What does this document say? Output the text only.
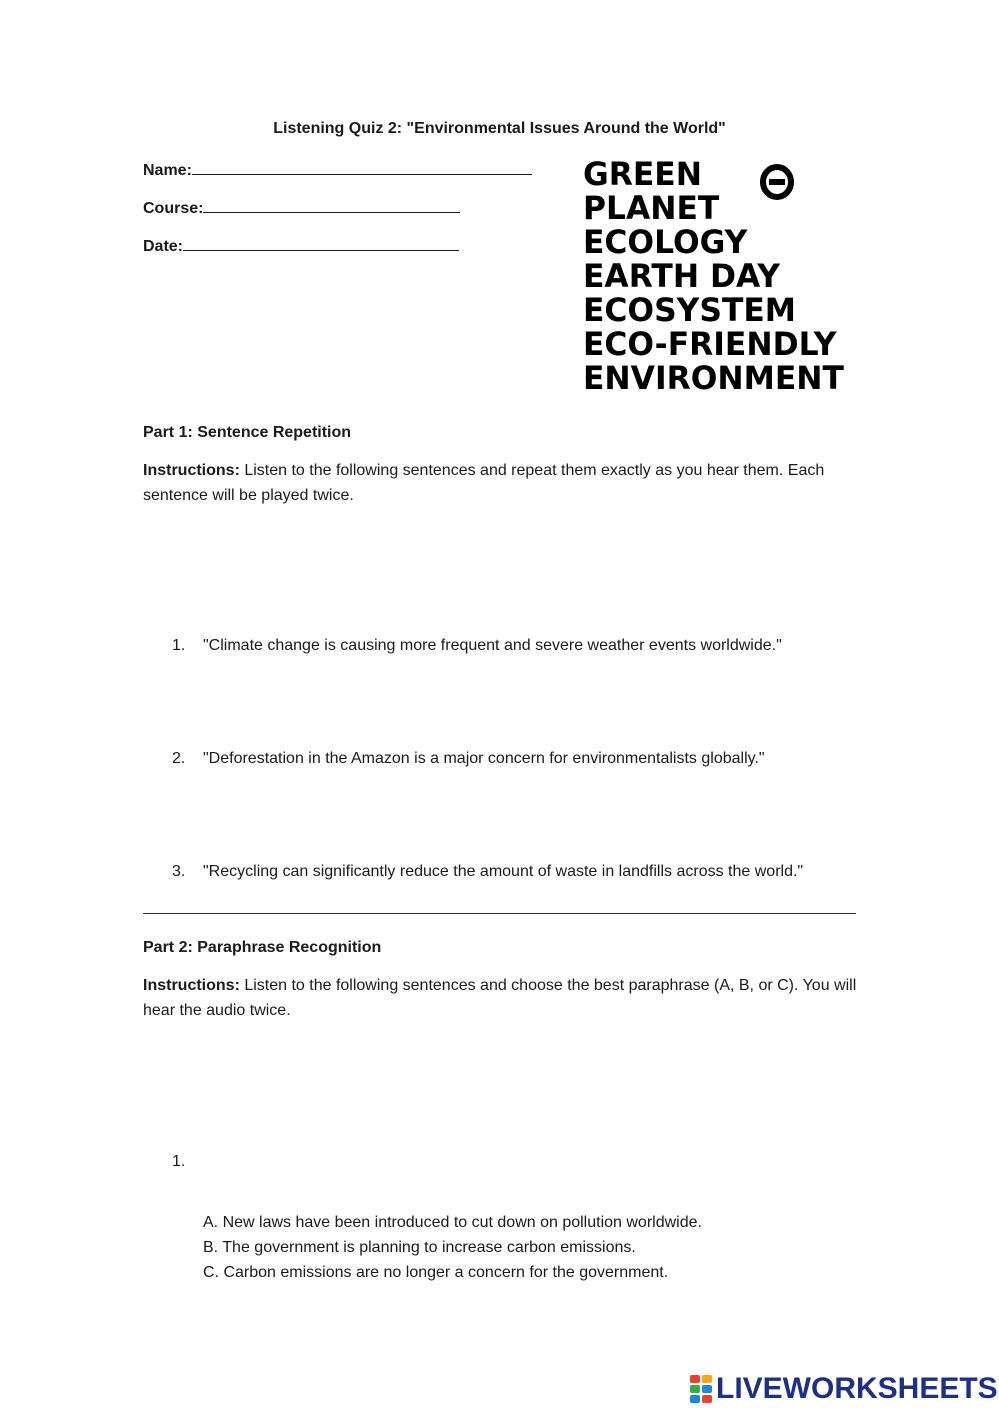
Listening Quiz 2: "Environmental Issues Around the World"
Name:
Course:
Date:
GREEN
PLANET
ECOLOGY
EARTH DAY
ECOSYSTEM
ECO-FRIENDLY
ENVIRONMENT
Part 1: Sentence Repetition
Instructions: Listen to the following sentences and repeat them exactly as you hear them. Each sentence will be played twice.
1. "Climate change is causing more frequent and severe weather events worldwide."
2. "Deforestation in the Amazon is a major concern for environmentalists globally."
3. "Recycling can significantly reduce the amount of waste in landfills across the world."
Part 2: Paraphrase Recognition
Instructions: Listen to the following sentences and choose the best paraphrase (A, B, or C). You will hear the audio twice.
1.
A. New laws have been introduced to cut down on pollution worldwide.
B. The government is planning to increase carbon emissions.
C. Carbon emissions are no longer a concern for the government.
LIVEWORKSHEETS
